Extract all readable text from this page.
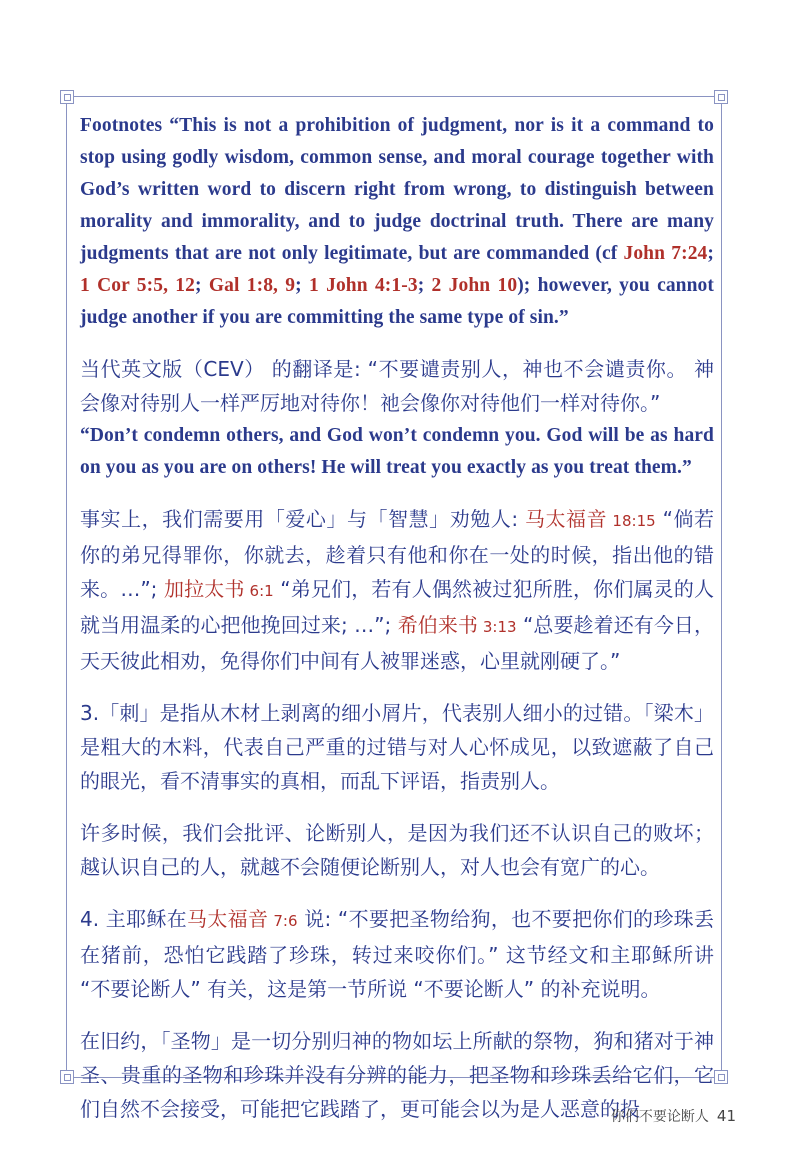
Footnotes “This is not a prohibition of judgment, nor is it a command to stop using godly wisdom, common sense, and moral courage together with God’s written word to discern right from wrong, to distinguish between morality and immorality, and to judge doctrinal truth. There are many judgments that are not only legitimate, but are commanded (cf John 7:24; 1 Cor 5:5, 12; Gal 1:8, 9; 1 John 4:1-3; 2 John 10); however, you cannot judge another if you are committing the same type of sin.”

当代英文版（CEV） 的翻译是: “不要谴责别人，神也不会谴责你。 神会像对待别人一样严厉地对待你！祂会像你对待他们一样对待你。”
“Don’t condemn others, and God won’t condemn you. God will be as hard on you as you are on others! He will treat you exactly as you treat them.”

事实上，我们需要用「爱心」与「智慧」劝勉人: 马太福音 18:15 “倘若你的弟兄得罪你，你就去，趁着只有他和你在一处的时候，指出他的错来。…”; 加拉太书 6:1 “弟兄们，若有人偶然被过犯所胜，你们属灵的人就当用温柔的心把他挽回过来; …”; 希伯来书 3:13 “总要趁着还有今日，天天彼此相劝，免得你们中间有人被罪迷惑，心里就刚硬了。”

3.「刺」是指从木材上剥离的细小屑片，代表别人细小的过错。「梁木」是粗大的木料，代表自己严重的过错与对人心怀成见，以致遮蔽了自己的眼光，看不清事实的真相，而乱下评语，指责别人。

许多时候，我们会批评、论断别人，是因为我们还不认识自己的败坏；越认识自己的人，就越不会随便论断别人，对人也会有宽广的心。

4. 主耶稣在马太福音 7:6 说: “不要把圣物给狗，也不要把你们的珍珠丢在猪前，恐怕它践踏了珍珠，转过来咬你们。” 这节经文和主耶稣所讲 “不要论断人” 有关，这是第一节所说 “不要论断人” 的补充说明。

在旧约，「圣物」是一切分别归神的物如坛上所献的祭物，狗和猪对于神圣、贵重的圣物和珍珠并没有分辨的能力，把圣物和珍珠丢给它们，它们自然不会接受，可能把它践踏了，更可能会以为是人恶意的投

你们不要论断人 41
